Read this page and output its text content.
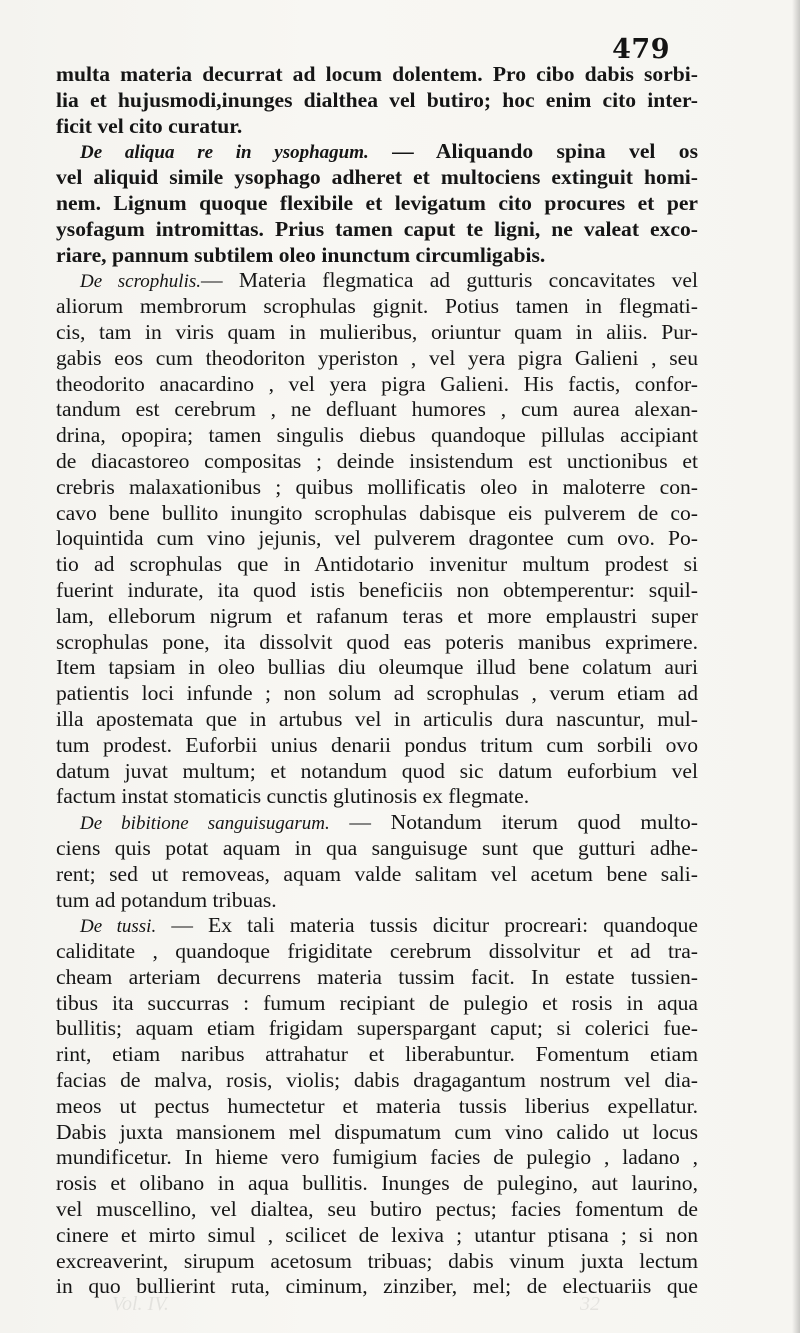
479
multa materia decurrat ad locum dolentem. Pro cibo dabis sorbi-
lia et hujusmodi,inunges dialthea vel butiro; hoc enim cito inter-
ficit vel cito curatur.
De aliqua re in ysophagum. — Aliquando spina vel os
vel aliquid simile ysophago adheret et multociens extinguit homi-
nem. Lignum quoque flexibile et levigatum cito procures et per
ysofagum intromittas. Prius tamen caput te ligni, ne valeat exco-
riare, pannum subtilem oleo inunctum circumligabis.
De scrophulis.— Materia flegmatica ad gutturis concavitates vel
aliorum membrorum scrophulas gignit. Potius tamen in flegmati-
cis, tam in viris quam in mulieribus, oriuntur quam in aliis. Pur-
gabis eos cum theodoriton yperiston , vel yera pigra Galieni , seu
theodorito anacardino , vel yera pigra Galieni. His factis, confor-
tandum est cerebrum , ne defluant humores , cum aurea alexan-
drina, opopira; tamen singulis diebus quandoque pillulas accipiant
de diacastoreo compositas ; deinde insistendum est unctionibus et
crebris malaxationibus ; quibus mollificatis oleo in maloterre con-
cavo bene bullito inungito scrophulas dabisque eis pulverem de co-
loquintida cum vino jejunis, vel pulverem dragontee cum ovo. Po-
tio ad scrophulas que in Antidotario invenitur multum prodest si
fuerint indurate, ita quod istis beneficiis non obtemperentur: squil-
lam, elleborum nigrum et rafanum teras et more emplaustri super
scrophulas pone, ita dissolvit quod eas poteris manibus exprimere.
Item tapsiam in oleo bullias diu oleumque illud bene colatum auri
patientis loci infunde ; non solum ad scrophulas , verum etiam ad
illa apostemata que in artubus vel in articulis dura nascuntur, mul-
tum prodest. Euforbii unius denarii pondus tritum cum sorbili ovo
datum juvat multum; et notandum quod sic datum euforbium vel
factum instat stomaticis cunctis glutinosis ex flegmate.
De bibitione sanguisugarum. — Notandum iterum quod multo-
ciens quis potat aquam in qua sanguisuge sunt que gutturi adhe-
rent; sed ut removeas, aquam valde salitam vel acetum bene sali-
tum ad potandum tribuas.
De tussi. — Ex tali materia tussis dicitur procreari: quandoque
caliditate , quandoque frigiditate cerebrum dissolvitur et ad tra-
cheam arteriam decurrens materia tussim facit. In estate tussien-
tibus ita succurras : fumum recipiant de pulegio et rosis in aqua
bullitis; aquam etiam frigidam superspargant caput; si colerici fue-
rint, etiam naribus attrahatur et liberabuntur. Fomentum etiam
facias de malva, rosis, violis; dabis dragagantum nostrum vel dia-
meos ut pectus humectetur et materia tussis liberius expellatur.
Dabis juxta mansionem mel dispumatum cum vino calido ut locus
mundificetur. In hieme vero fumigium facies de pulegio , ladano ,
rosis et olibano in aqua bullitis. Inunges de pulegino, aut laurino,
vel muscellino, vel dialtea, seu butiro pectus; facies fomentum de
cinere et mirto simul , scilicet de lexiva ; utantur ptisana ; si non
excreaverint, sirupum acetosum tribuas; dabis vinum juxta lectum
in quo bullierint ruta, ciminum, zinziber, mel; de electuariis que
Vol. IV.	32
